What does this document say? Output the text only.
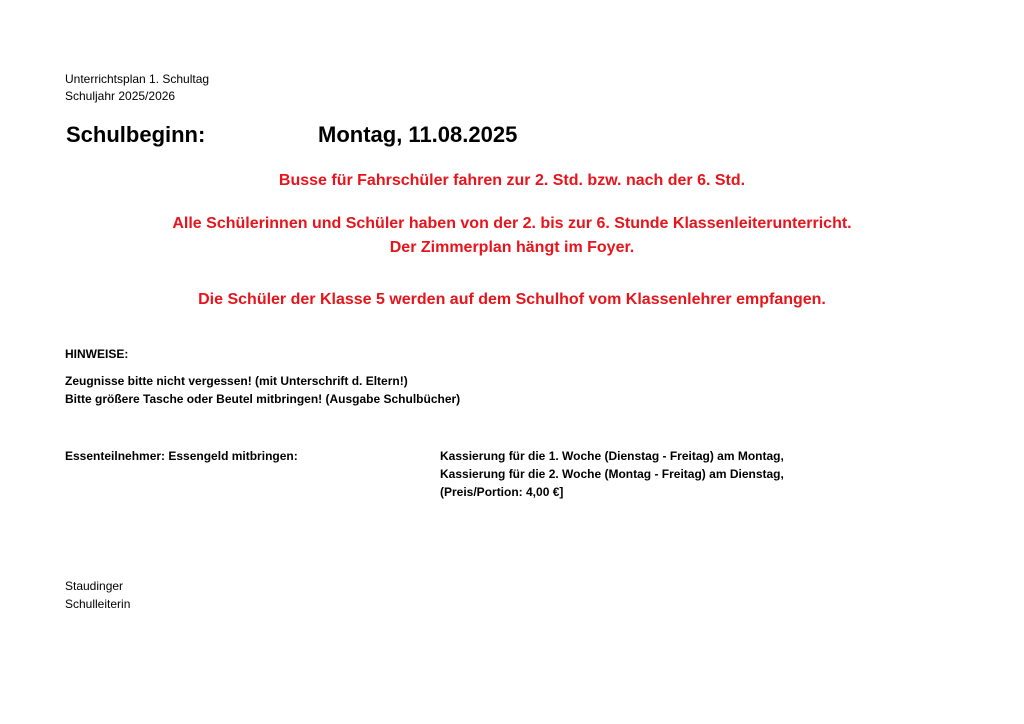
Unterrichtsplan 1. Schultag
Schuljahr 2025/2026
Schulbeginn:	Montag, 11.08.2025
Busse für Fahrschüler fahren zur 2. Std. bzw. nach der 6. Std.
Alle Schülerinnen und Schüler haben von der 2. bis zur 6. Stunde Klassenleiterunterricht.
Der Zimmerplan hängt im Foyer.
Die Schüler der Klasse 5 werden auf dem Schulhof vom Klassenlehrer empfangen.
HINWEISE:
Zeugnisse bitte nicht vergessen! (mit Unterschrift d. Eltern!)
Bitte größere Tasche oder Beutel mitbringen! (Ausgabe Schulbücher)
Essenteilnehmer: Essengeld mitbringen:	Kassierung für die 1. Woche (Dienstag - Freitag) am Montag,
Kassierung für die 2. Woche (Montag - Freitag) am Dienstag,
(Preis/Portion: 4,00 €]
Staudinger
Schulleiterin
